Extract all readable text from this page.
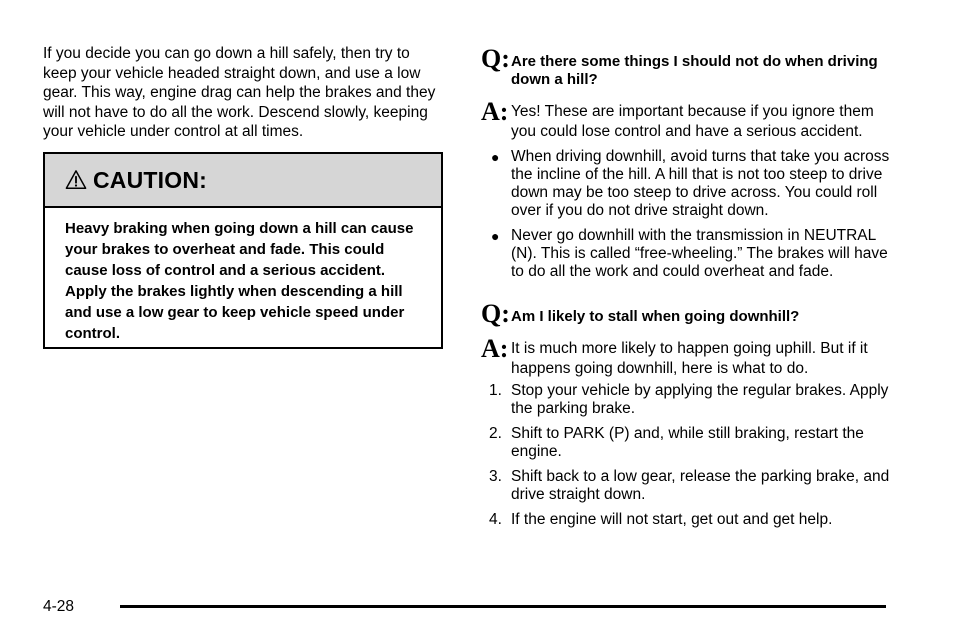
If you decide you can go down a hill safely, then try to keep your vehicle headed straight down, and use a low gear. This way, engine drag can help the brakes and they will not have to do all the work. Descend slowly, keeping your vehicle under control at all times.

CAUTION:
Heavy braking when going down a hill can cause your brakes to overheat and fade. This could cause loss of control and a serious accident. Apply the brakes lightly when descending a hill and use a low gear to keep vehicle speed under control.
Q: Are there some things I should not do when driving down a hill?
A: Yes! These are important because if you ignore them you could lose control and have a serious accident.
● When driving downhill, avoid turns that take you across the incline of the hill. A hill that is not too steep to drive down may be too steep to drive across. You could roll over if you do not drive straight down.
● Never go downhill with the transmission in NEUTRAL (N). This is called “free-wheeling.” The brakes will have to do all the work and could overheat and fade.
Q: Am I likely to stall when going downhill?
A: It is much more likely to happen going uphill. But if it happens going downhill, here is what to do.
1. Stop your vehicle by applying the regular brakes. Apply the parking brake.
2. Shift to PARK (P) and, while still braking, restart the engine.
3. Shift back to a low gear, release the parking brake, and drive straight down.
4. If the engine will not start, get out and get help.
4-28
